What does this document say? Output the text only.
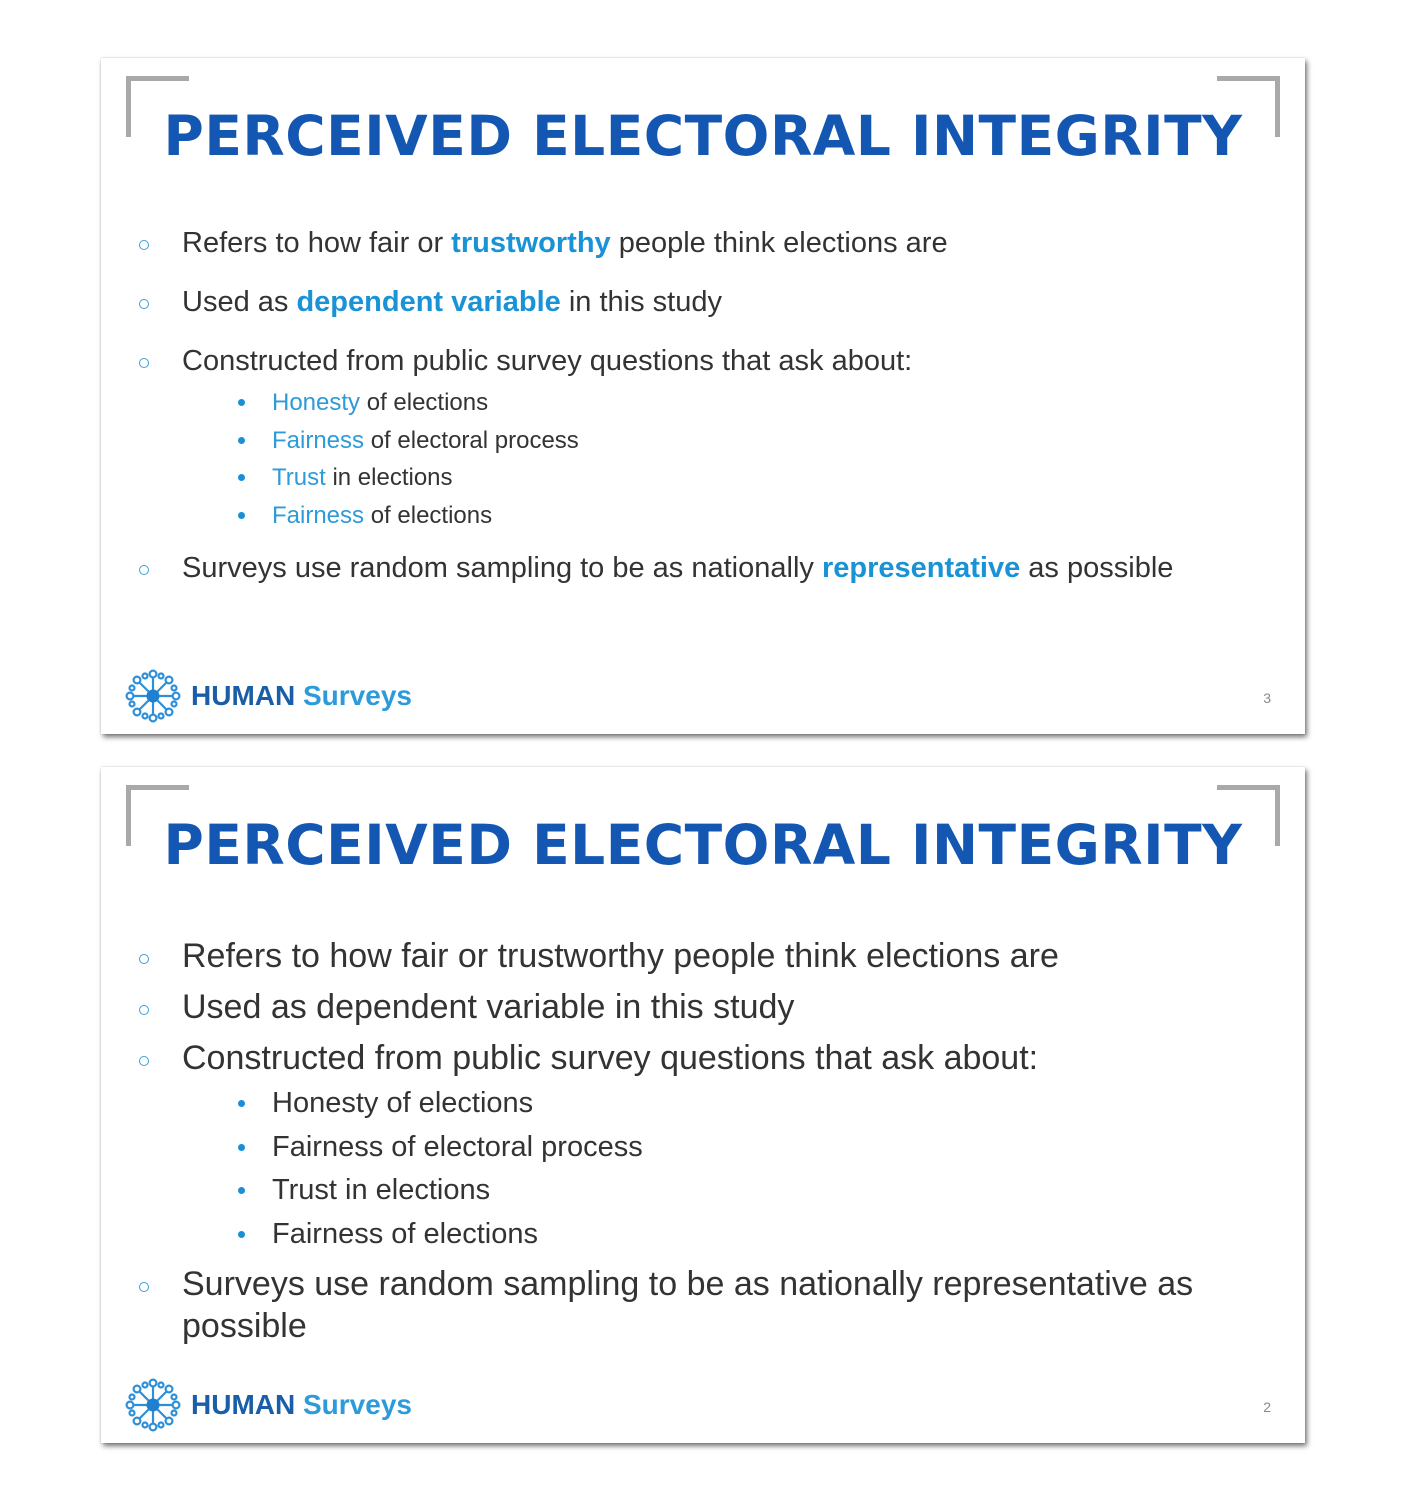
PERCEIVED ELECTORAL INTEGRITY
Refers to how fair or trustworthy people think elections are
Used as dependent variable in this study
Constructed from public survey questions that ask about:
Honesty of elections
Fairness of electoral process
Trust in elections
Fairness of elections
Surveys use random sampling to be as nationally representative as possible
HUMAN Surveys	3
PERCEIVED ELECTORAL INTEGRITY
Refers to how fair or trustworthy people think elections are
Used as dependent variable in this study
Constructed from public survey questions that ask about:
Honesty of elections
Fairness of electoral process
Trust in elections
Fairness of elections
Surveys use random sampling to be as nationally representative as possible
HUMAN Surveys	2
